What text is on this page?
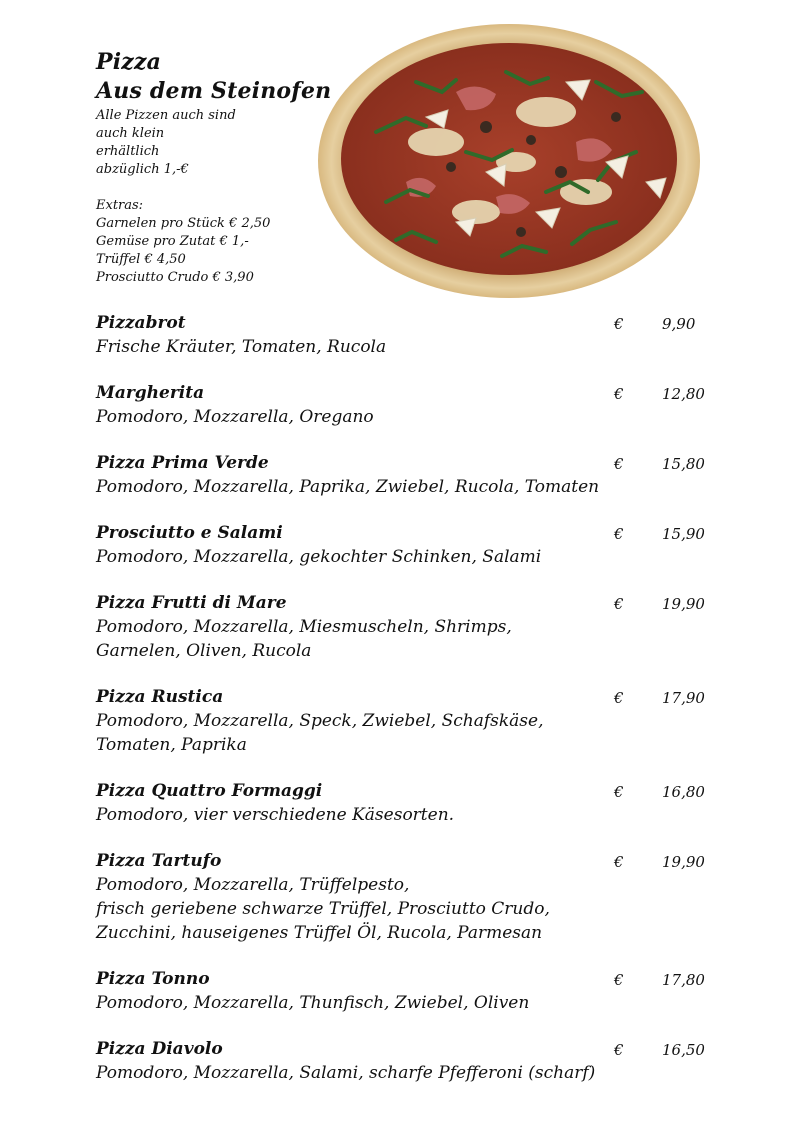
Pizza
Aus dem Steinofen
Alle Pizzen auch sind
auch klein
erhältlich
abzüglich 1,-€
Extras:
Garnelen pro Stück € 2,50
Gemüse pro Zutat € 1,-
Trüffel € 4,50
Prosciutto Crudo € 3,90
Pizzabrot	€	9,90
Frische Kräuter, Tomaten, Rucola
Margherita	€	12,80
Pomodoro, Mozzarella, Oregano
Pizza Prima Verde	€	15,80
Pomodoro, Mozzarella, Paprika, Zwiebel, Rucola, Tomaten
Prosciutto e Salami	€	15,90
Pomodoro, Mozzarella, gekochter Schinken, Salami
Pizza Frutti di Mare	€	19,90
Pomodoro, Mozzarella, Miesmuscheln, Shrimps,
Garnelen, Oliven, Rucola
Pizza Rustica	€	17,90
Pomodoro, Mozzarella, Speck, Zwiebel, Schafskäse,
Tomaten, Paprika
Pizza Quattro Formaggi	€	16,80
Pomodoro, vier verschiedene Käsesorten.
Pizza Tartufo	€	19,90
Pomodoro, Mozzarella, Trüffelpesto,
frisch geriebene schwarze Trüffel, Prosciutto Crudo,
Zucchini, hauseigenes Trüffel Öl, Rucola, Parmesan
Pizza Tonno	€	17,80
Pomodoro, Mozzarella, Thunfisch, Zwiebel, Oliven
Pizza Diavolo	€	16,50
Pomodoro, Mozzarella, Salami, scharfe Pfefferoni (scharf)
